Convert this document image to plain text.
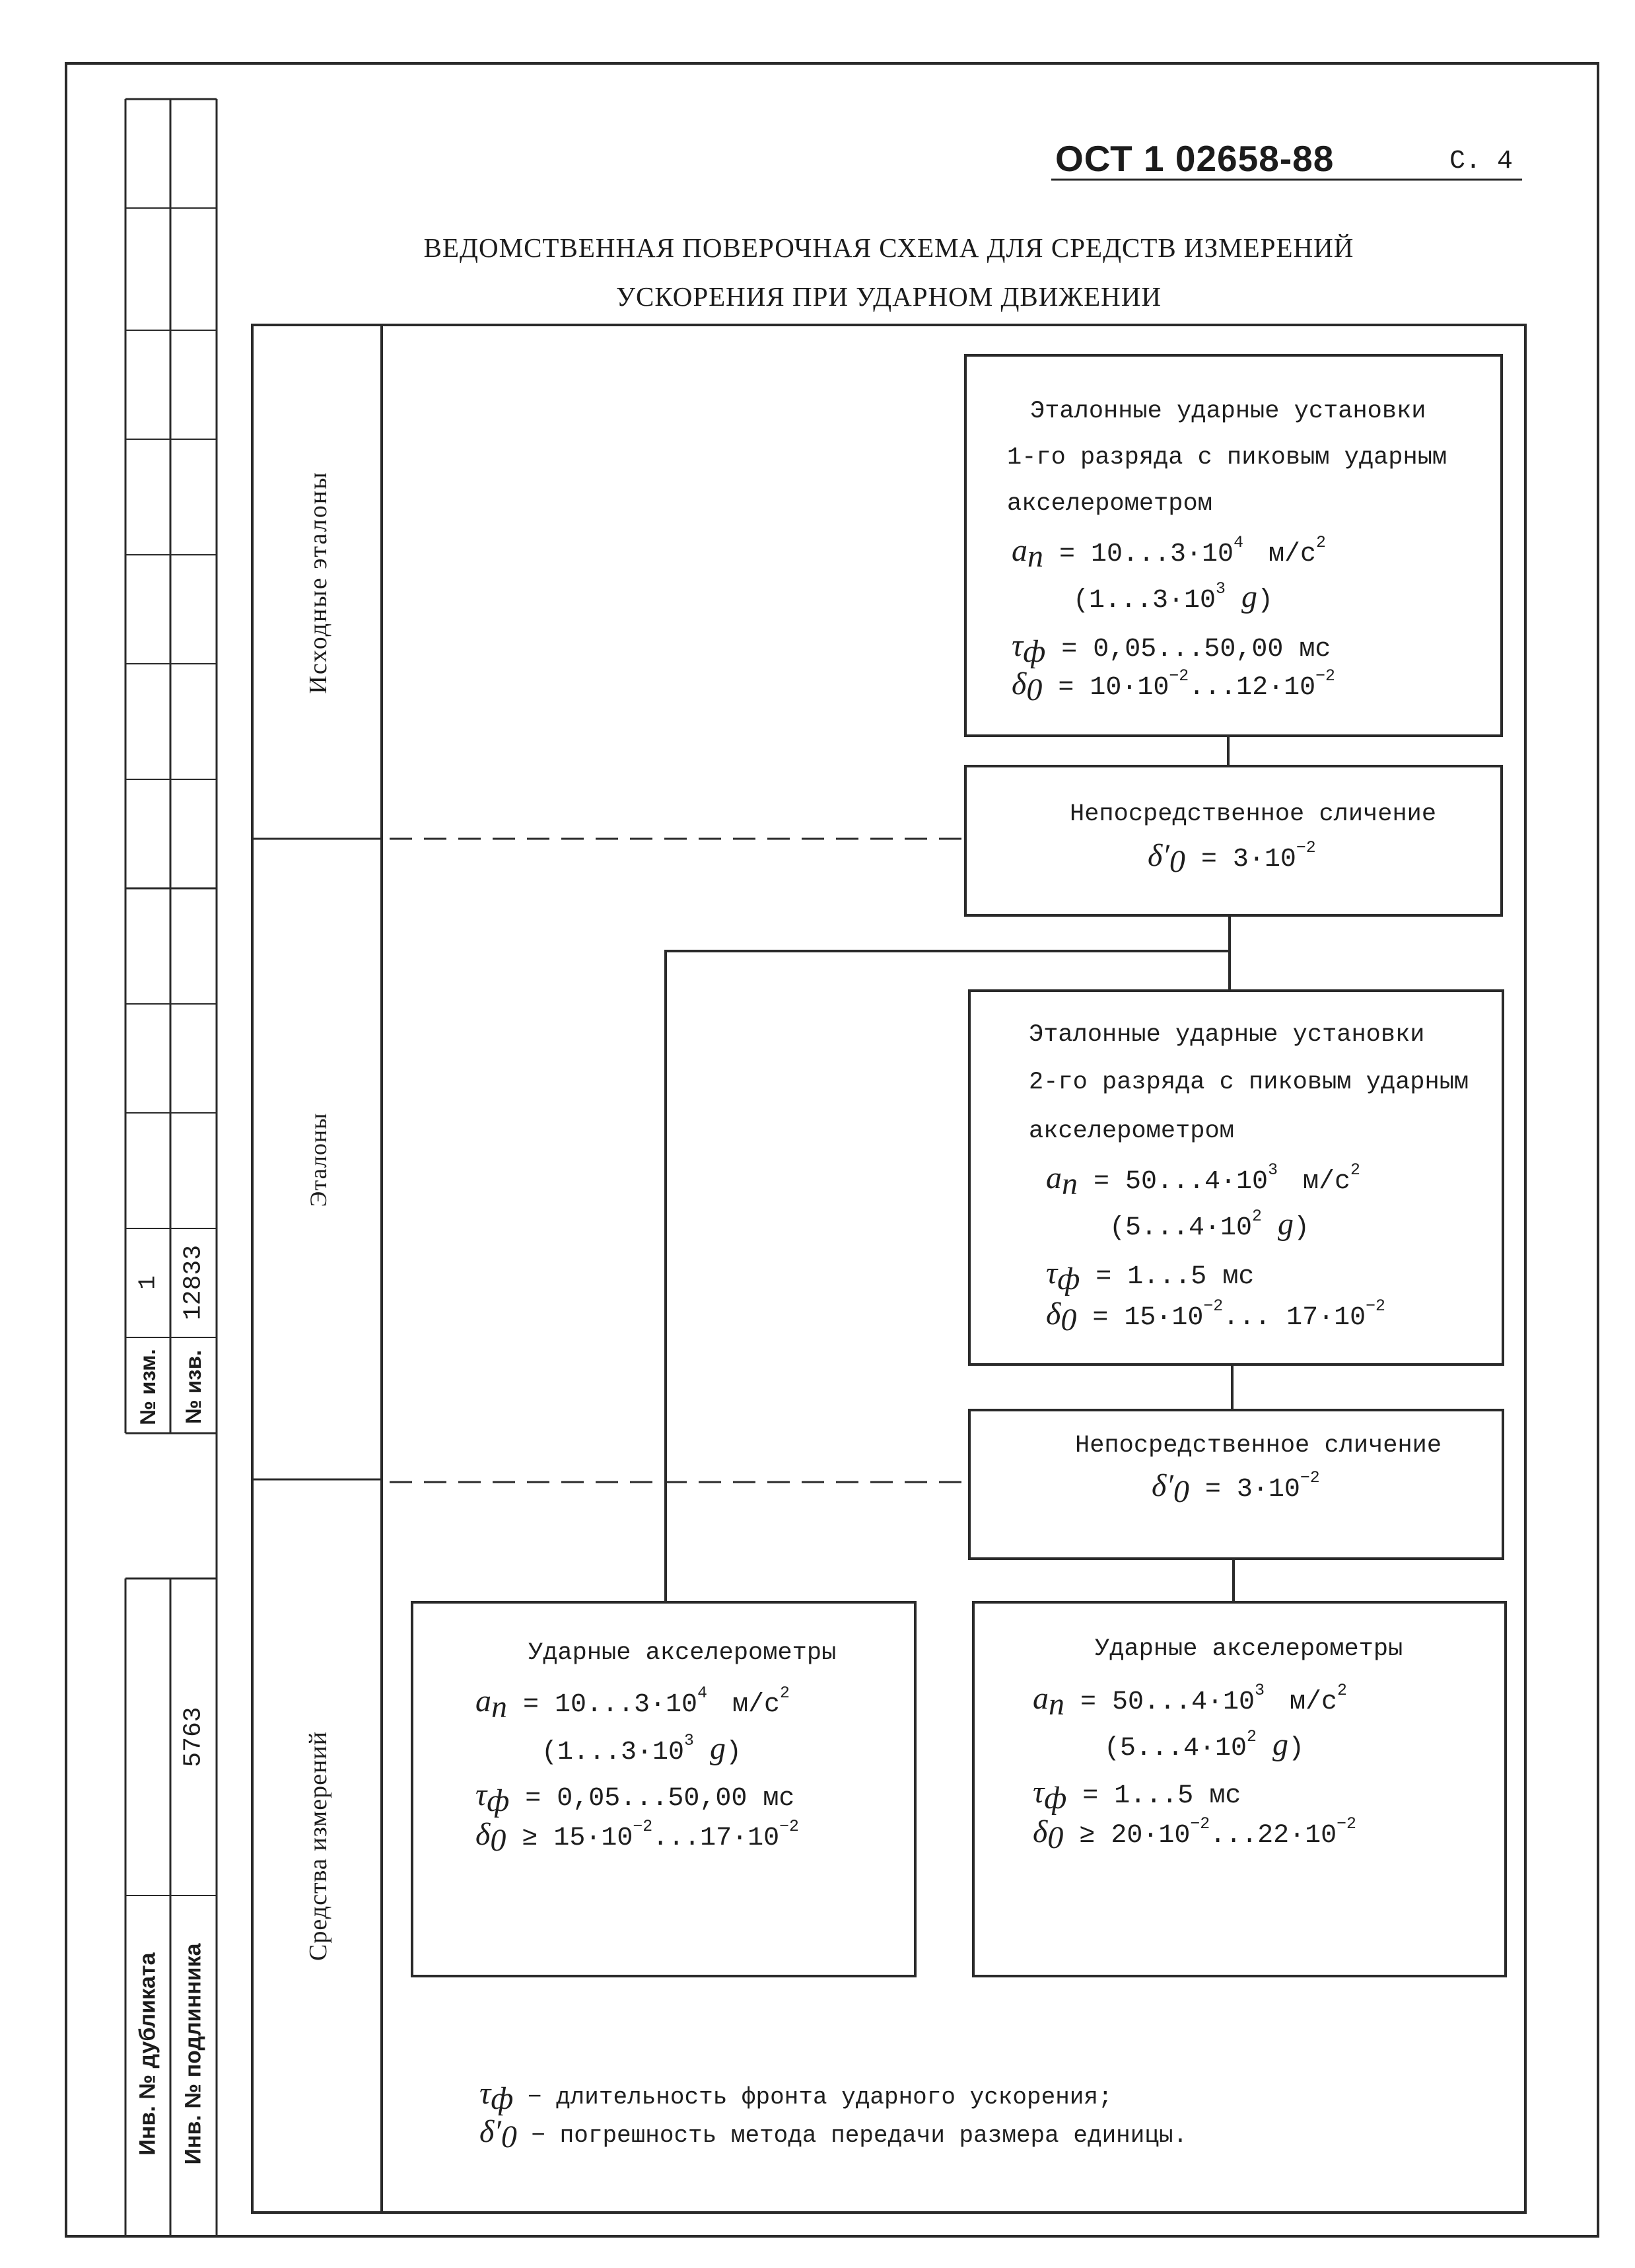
ОСТ 1 02658-88	С. 4
ВЕДОМСТВЕННАЯ ПОВЕРОЧНАЯ СХЕМА ДЛЯ СРЕДСТВ ИЗМЕРЕНИЙ
УСКОРЕНИЯ ПРИ УДАРНОМ ДВИЖЕНИИ
Исходные эталоны
Эталоны
Средства измерений
Эталонные ударные установки
1-го разряда с пиковым ударным
акселерометром
$a_п = 10...3\cdot 10^4$ $м/с^2$
($1...3\cdot 10^3$ g)
$\tau_ф = 0,05...50,00$ мс
$\delta_0 = 10\cdot 10^{-2}...12\cdot 10^{-2}$
Непосредственное сличение
$\delta'_0 = 3\cdot 10^{-2}$
Эталонные ударные установки
2-го разряда с пиковым ударным
акселерометром
$a_п = 50...4\cdot 10^3$ $м/с^2$
($5...4\cdot 10^2$ g)
$\tau_ф = 1...5$ мс
$\delta_0 = 15\cdot 10^{-2}$... $17\cdot 10^{-2}$
Непосредственное сличение
$\delta'_0 = 3\cdot 10^{-2}$
Ударные акселерометры
$a_п = 10...3\cdot 10^4$ $м/с^2$
($1...3\cdot 10^3$ g)
$\tau_ф = 0,05...50,00$ мс
$\delta_0 \ge 15\cdot 10^{-2}...17\cdot 10^{-2}$
Ударные акселерометры
$a_п = 50...4\cdot 10^3$ $м/с^2$
($5...4\cdot 10^2$ g)
$\tau_ф = 1...5$ мс
$\delta_0 \ge 20\cdot 10^{-2}...22\cdot 10^{-2}$
$\tau_ф$ − длительность фронта ударного ускорения;
$\delta'_0$ − погрешность метода передачи размера единицы.
№ изм. № изв.
1 12833
Инв. № дубликата Инв. № подлинника
5763
